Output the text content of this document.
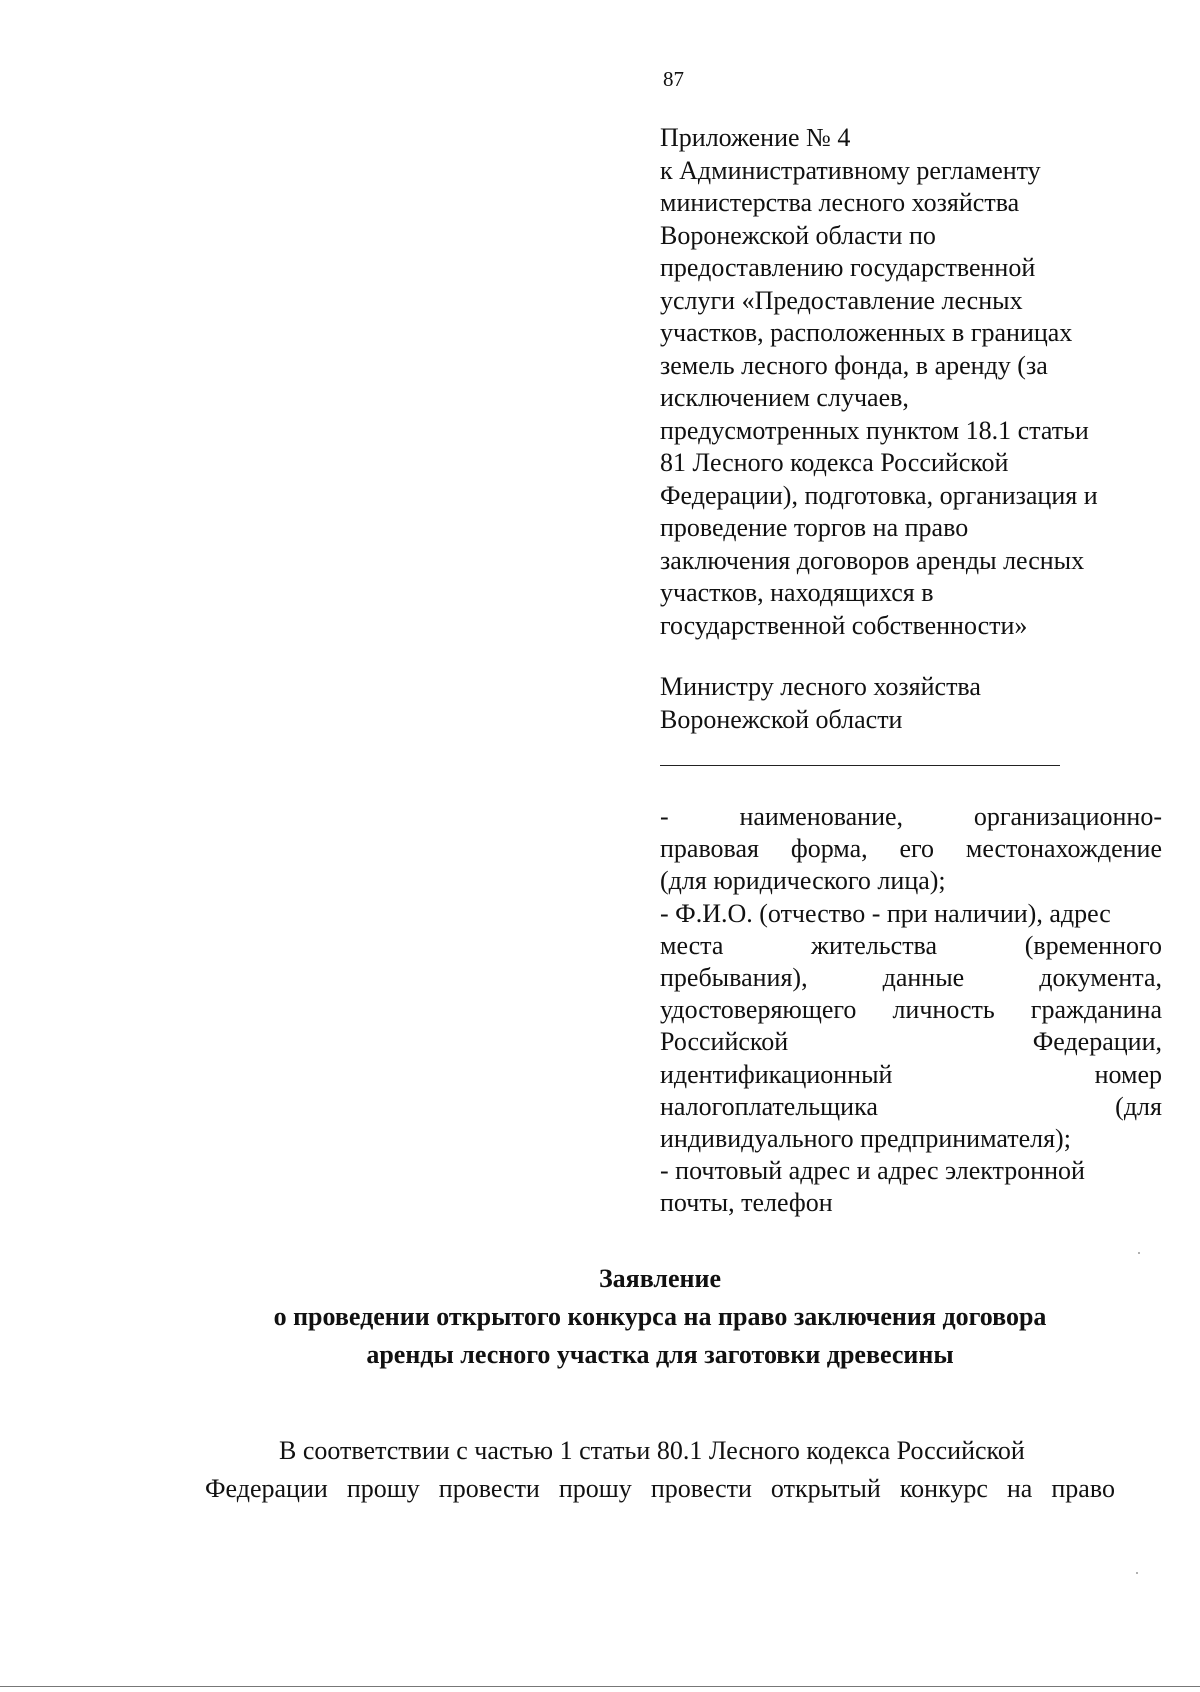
87
Приложение № 4
к Административному регламенту
министерства лесного хозяйства
Воронежской области по
предоставлению государственной
услуги «Предоставление лесных
участков, расположенных в границах
земель лесного фонда, в аренду (за
исключением случаев,
предусмотренных пунктом 18.1 статьи
81 Лесного кодекса Российской
Федерации), подготовка, организация и
проведение торгов на право
заключения договоров аренды лесных
участков, находящихся в
государственной собственности»
Министру лесного хозяйства
Воронежской области
-	наименование,	организационно-
правовая форма, его местонахождение
(для юридического лица);
- Ф.И.О. (отчество - при наличии), адрес
места	жительства	(временного
пребывания),	данные	документа,
удостоверяющего личность гражданина
Российской	Федерации,
идентификационный	номер
налогоплательщика	(для
индивидуального предпринимателя);
- почтовый адрес и адрес электронной
почты, телефон
Заявление
о проведении открытого конкурса на право заключения договора
аренды лесного участка для заготовки древесины
В соответствии с частью 1 статьи 80.1 Лесного кодекса Российской
Федерации прошу провести прошу провести открытый конкурс на право
